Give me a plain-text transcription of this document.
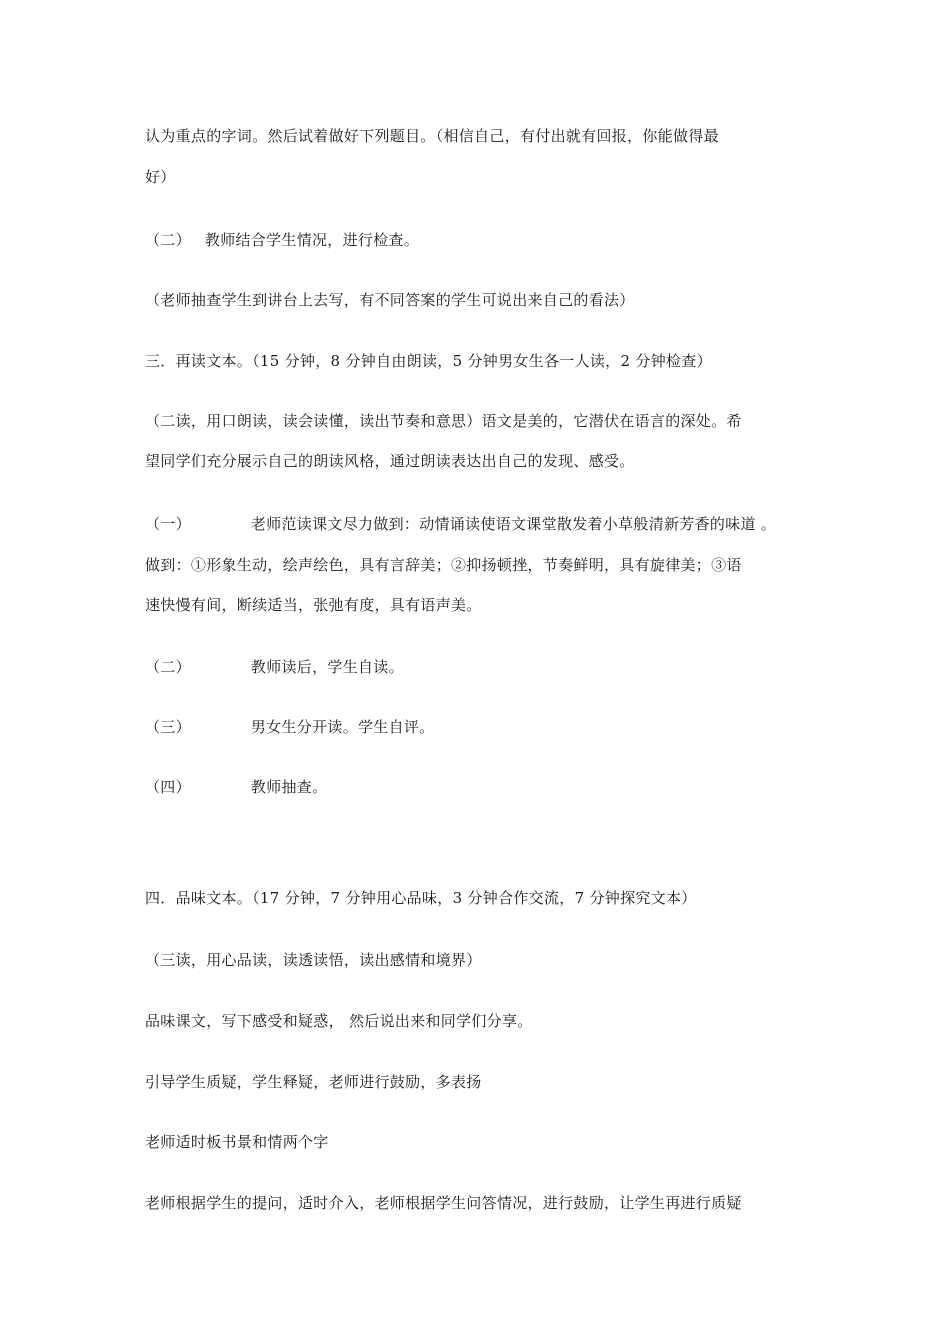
认为重点的字词。然后试着做好下列题目。（相信自己，有付出就有回报，你能做得最
好）
（二） 教师结合学生情况，进行检查。
（老师抽查学生到讲台上去写，有不同答案的学生可说出来自己的看法）
三．再读文本。（15 分钟，8 分钟自由朗读，5 分钟男女生各一人读，2 分钟检查）
（二读，用口朗读，读会读懂，读出节奏和意思）语文是美的，它潜伏在语言的深处。希
望同学们充分展示自己的朗读风格，通过朗读表达出自己的发现、感受。
（一）	老师范读课文尽力做到：动情诵读使语文课堂散发着小草般清新芳香的味道 。
做到：①形象生动，绘声绘色，具有言辞美；②抑扬顿挫，节奏鲜明，具有旋律美；③语
速快慢有间，断续适当，张弛有度，具有语声美。
（二）	教师读后，学生自读。
（三）	男女生分开读。学生自评。
（四）	教师抽查。
四．品味文本。（17 分钟，7 分钟用心品味，3 分钟合作交流，7 分钟探究文本）
（三读，用心品读，读透读悟，读出感情和境界）
品味课文，写下感受和疑惑， 然后说出来和同学们分享。
引导学生质疑，学生释疑，老师进行鼓励，多表扬
老师适时板书景和情两个字
老师根据学生的提问，适时介入，老师根据学生问答情况，进行鼓励，让学生再进行质疑
